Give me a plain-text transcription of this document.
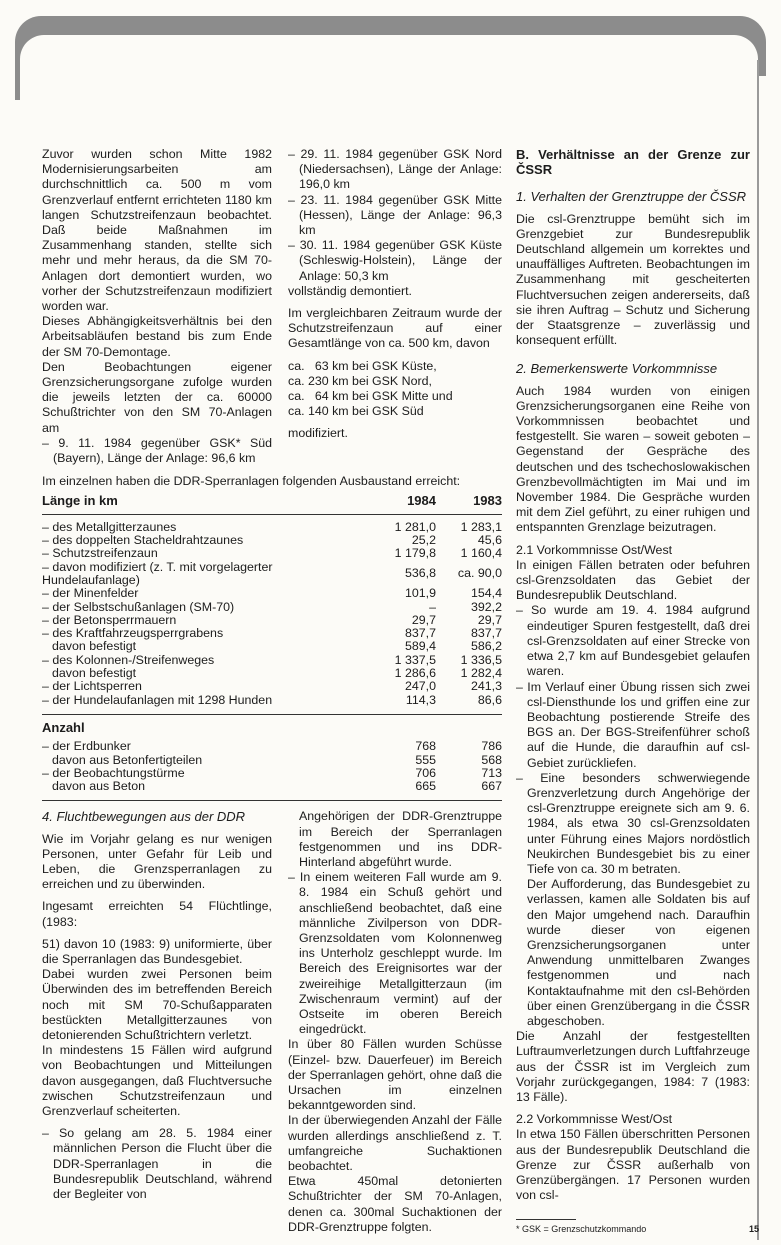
Zuvor wurden schon Mitte 1982 Modernisierungsarbeiten am durchschnittlich ca. 500 m vom Grenzverlauf entfernt errichteten 1180 km langen Schutzstreifenzaun beobachtet. Daß beide Maßnahmen im Zusammenhang standen, stellte sich mehr und mehr heraus, da die SM 70-Anlagen dort demontiert wurden, wo vorher der Schutzstreifenzaun modifiziert worden war.

Dieses Abhängigkeitsverhältnis bei den Arbeitsabläufen bestand bis zum Ende der SM 70-Demontage.

Den Beobachtungen eigener Grenzsicherungsorgane zufolge wurden die jeweils letzten der ca. 60000 Schußtrichter von den SM 70-Anlagen am

– 9. 11. 1984 gegenüber GSK* Süd (Bayern), Länge der Anlage: 96,6 km

– 29. 11. 1984 gegenüber GSK Nord (Niedersachsen), Länge der Anlage: 196,0 km

– 23. 11. 1984 gegenüber GSK Mitte (Hessen), Länge der Anlage: 96,3 km

– 30. 11. 1984 gegenüber GSK Küste (Schleswig-Holstein), Länge der Anlage: 50,3 km

vollständig demontiert.

Im vergleichbaren Zeitraum wurde der Schutzstreifenzaun auf einer Gesamtlänge von ca. 500 km, davon

ca.   63 km bei GSK Küste,

ca. 230 km bei GSK Nord,

ca.   64 km bei GSK Mitte und

ca. 140 km bei GSK Süd

modifiziert.

Im einzelnen haben die DDR-Sperranlagen folgenden Ausbaustand erreicht:

Länge in km	1984	1983

– des Metallgitterzaunes	1 281,0	1 283,1
– des doppelten Stacheldrahtzaunes	25,2	45,6
– Schutzstreifenzaun	1 179,8	1 160,4
– davon modifiziert (z. T. mit vorgelagerter Hundelaufanlage)	536,8	ca. 90,0
– der Minenfelder	101,9	154,4
– der Selbstschußanlagen (SM-70)	–	392,2
– der Betonsperrmauern	29,7	29,7
– des Kraftfahrzeugsperrgrabens	837,7	837,7
davon befestigt	589,4	586,2
– des Kolonnen-/Streifenweges	1 337,5	1 336,5
davon befestigt	1 286,6	1 282,4
– der Lichtsperren	247,0	241,3
– der Hundelaufanlagen mit 1298 Hunden	114,3	86,6

Anzahl		
– der Erdbunker	768	786
davon aus Betonfertigteilen	555	568
– der Beobachtungstürme	706	713
davon aus Beton	665	667

4. Fluchtbewegungen aus der DDR

Wie im Vorjahr gelang es nur wenigen Personen, unter Gefahr für Leib und Leben, die Grenzsperranlagen zu erreichen und zu überwinden.

Ingesamt erreichten 54 Flüchtlinge, (1983:

51) davon 10 (1983: 9) uniformierte, über die Sperranlagen das Bundesgebiet.

Dabei wurden zwei Personen beim Überwinden des im betreffenden Bereich noch mit SM 70-Schußapparaten bestückten Metallgitterzaunes von detonierenden Schußtrichtern verletzt.

In mindestens 15 Fällen wird aufgrund von Beobachtungen und Mitteilungen davon ausgegangen, daß Fluchtversuche zwischen Schutzstreifenzaun und Grenzverlauf scheiterten.

– So gelang am 28. 5. 1984 einer männlichen Person die Flucht über die DDR-Sperranlagen in die Bundesrepublik Deutschland, während der Begleiter von

Angehörigen der DDR-Grenztruppe im Bereich der Sperranlagen festgenommen und ins DDR-Hinterland abgeführt wurde.

– In einem weiteren Fall wurde am 9. 8. 1984 ein Schuß gehört und anschließend beobachtet, daß eine männliche Zivilperson von DDR-Grenzsoldaten vom Kolonnenweg ins Unterholz geschleppt wurde. Im Bereich des Ereignisortes war der zweireihige Metallgitterzaun (im Zwischenraum vermint) auf der Ostseite im oberen Bereich eingedrückt.

In über 80 Fällen wurden Schüsse (Einzel- bzw. Dauerfeuer) im Bereich der Sperranlagen gehört, ohne daß die Ursachen im einzelnen bekanntgeworden sind.

In der überwiegenden Anzahl der Fälle wurden allerdings anschließend z. T. umfangreiche Suchaktionen beobachtet.

Etwa 450mal detonierten Schußtrichter der SM 70-Anlagen, denen ca. 300mal Suchaktionen der DDR-Grenztruppe folgten.

B. Verhältnisse an der Grenze zur ČSSR

1. Verhalten der Grenztruppe der ČSSR

Die csl-Grenztruppe bemüht sich im Grenzgebiet zur Bundesrepublik Deutschland allgemein um korrektes und unauffälliges Auftreten. Beobachtungen im Zusammenhang mit gescheiterten Fluchtversuchen zeigen andererseits, daß sie ihren Auftrag – Schutz und Sicherung der Staatsgrenze – zuverlässig und konsequent erfüllt.

2. Bemerkenswerte Vorkommnisse

Auch 1984 wurden von einigen Grenzsicherungsorganen eine Reihe von Vorkommnissen beobachtet und festgestellt. Sie waren – soweit geboten – Gegenstand der Gespräche des deutschen und des tschechoslowakischen Grenzbevollmächtigten im Mai und im November 1984. Die Gespräche wurden mit dem Ziel geführt, zu einer ruhigen und entspannten Grenzlage beizutragen.

2.1 Vorkommnisse Ost/West

In einigen Fällen betraten oder befuhren csl-Grenzsoldaten das Gebiet der Bundesrepublik Deutschland.

– So wurde am 19. 4. 1984 aufgrund eindeutiger Spuren festgestellt, daß drei csl-Grenzsoldaten auf einer Strecke von etwa 2,7 km auf Bundesgebiet gelaufen waren.

– Im Verlauf einer Übung rissen sich zwei csl-Diensthunde los und griffen eine zur Beobachtung postierende Streife des BGS an. Der BGS-Streifenführer schoß auf die Hunde, die daraufhin auf csl-Gebiet zurückliefen.

– Eine besonders schwerwiegende Grenzverletzung durch Angehörige der csl-Grenztruppe ereignete sich am 9. 6. 1984, als etwa 30 csl-Grenzsoldaten unter Führung eines Majors nordöstlich Neukirchen Bundesgebiet bis zu einer Tiefe von ca. 30 m betraten.

Der Aufforderung, das Bundesgebiet zu verlassen, kamen alle Soldaten bis auf den Major umgehend nach. Daraufhin wurde dieser von eigenen Grenzsicherungsorganen unter Anwendung unmittelbaren Zwanges festgenommen und nach Kontaktaufnahme mit den csl-Behörden über einen Grenzübergang in die ČSSR abgeschoben.

Die Anzahl der festgestellten Luftraumverletzungen durch Luftfahrzeuge aus der ČSSR ist im Vergleich zum Vorjahr zurückgegangen, 1984: 7 (1983: 13 Fälle).

2.2 Vorkommnisse West/Ost

In etwa 150 Fällen überschritten Personen aus der Bundesrepublik Deutschland die Grenze zur ČSSR außerhalb von Grenzübergängen. 17 Personen wurden von csl-

* GSK = Grenzschutzkommando	15
